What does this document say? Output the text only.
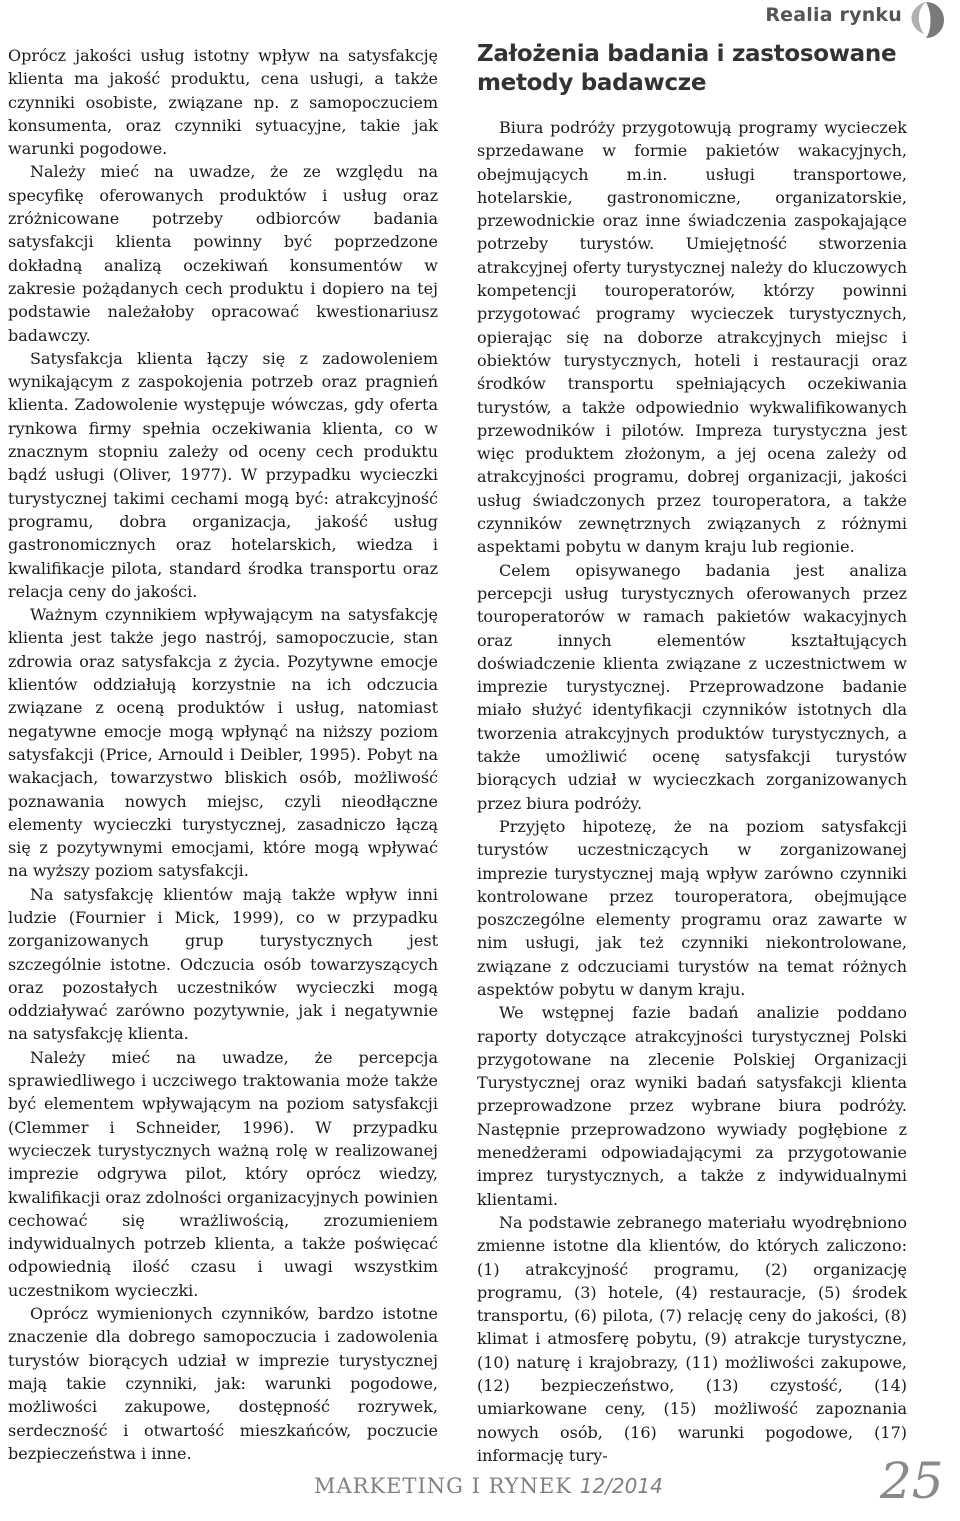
Realia rynku

Oprócz jakości usług istotny wpływ na satysfakcję klienta ma jakość produktu, cena usługi, a także czynniki osobiste, związane np. z samopoczuciem konsumenta, oraz czynniki sytuacyjne, takie jak warunki pogodowe.

Należy mieć na uwadze, że ze względu na specyfikę oferowanych produktów i usług oraz zróżnicowane potrzeby odbiorców badania satysfakcji klienta powinny być poprzedzone dokładną analizą oczekiwań konsumentów w zakresie pożądanych cech produktu i dopiero na tej podstawie należałoby opracować kwestionariusz badawczy.

Satysfakcja klienta łączy się z zadowoleniem wynikającym z zaspokojenia potrzeb oraz pragnień klienta. Zadowolenie występuje wówczas, gdy oferta rynkowa firmy spełnia oczekiwania klienta, co w znacznym stopniu zależy od oceny cech produktu bądź usługi (Oliver, 1977). W przypadku wycieczki turystycznej takimi cechami mogą być: atrakcyjność programu, dobra organizacja, jakość usług gastronomicznych oraz hotelarskich, wiedza i kwalifikacje pilota, standard środka transportu oraz relacja ceny do jakości.

Ważnym czynnikiem wpływającym na satysfakcję klienta jest także jego nastrój, samopoczucie, stan zdrowia oraz satysfakcja z życia. Pozytywne emocje klientów oddziałują korzystnie na ich odczucia związane z oceną produktów i usług, natomiast negatywne emocje mogą wpłynąć na niższy poziom satysfakcji (Price, Arnould i Deibler, 1995). Pobyt na wakacjach, towarzystwo bliskich osób, możliwość poznawania nowych miejsc, czyli nieodłączne elementy wycieczki turystycznej, zasadniczo łączą się z pozytywnymi emocjami, które mogą wpływać na wyższy poziom satysfakcji.

Na satysfakcję klientów mają także wpływ inni ludzie (Fournier i Mick, 1999), co w przypadku zorganizowanych grup turystycznych jest szczególnie istotne. Odczucia osób towarzyszących oraz pozostałych uczestników wycieczki mogą oddziaływać zarówno pozytywnie, jak i negatywnie na satysfakcję klienta.

Należy mieć na uwadze, że percepcja sprawiedliwego i uczciwego traktowania może także być elementem wpływającym na poziom satysfakcji (Clemmer i Schneider, 1996). W przypadku wycieczek turystycznych ważną rolę w realizowanej imprezie odgrywa pilot, który oprócz wiedzy, kwalifikacji oraz zdolności organizacyjnych powinien cechować się wrażliwością, zrozumieniem indywidualnych potrzeb klienta, a także poświęcać odpowiednią ilość czasu i uwagi wszystkim uczestnikom wycieczki.

Oprócz wymienionych czynników, bardzo istotne znaczenie dla dobrego samopoczucia i zadowolenia turystów biorących udział w imprezie turystycznej mają takie czynniki, jak: warunki pogodowe, możliwości zakupowe, dostępność rozrywek, serdeczność i otwartość mieszkańców, poczucie bezpieczeństwa i inne.

Założenia badania i zastosowane metody badawcze

Biura podróży przygotowują programy wycieczek sprzedawane w formie pakietów wakacyjnych, obejmujących m.in. usługi transportowe, hotelarskie, gastronomiczne, organizatorskie, przewodnickie oraz inne świadczenia zaspokajające potrzeby turystów. Umiejętność stworzenia atrakcyjnej oferty turystycznej należy do kluczowych kompetencji touroperatorów, którzy powinni przygotować programy wycieczek turystycznych, opierając się na doborze atrakcyjnych miejsc i obiektów turystycznych, hoteli i restauracji oraz środków transportu spełniających oczekiwania turystów, a także odpowiednio wykwalifikowanych przewodników i pilotów. Impreza turystyczna jest więc produktem złożonym, a jej ocena zależy od atrakcyjności programu, dobrej organizacji, jakości usług świadczonych przez touroperatora, a także czynników zewnętrznych związanych z różnymi aspektami pobytu w danym kraju lub regionie.

Celem opisywanego badania jest analiza percepcji usług turystycznych oferowanych przez touroperatorów w ramach pakietów wakacyjnych oraz innych elementów kształtujących doświadczenie klienta związane z uczestnictwem w imprezie turystycznej. Przeprowadzone badanie miało służyć identyfikacji czynników istotnych dla tworzenia atrakcyjnych produktów turystycznych, a także umożliwić ocenę satysfakcji turystów biorących udział w wycieczkach zorganizowanych przez biura podróży.

Przyjęto hipotezę, że na poziom satysfakcji turystów uczestniczących w zorganizowanej imprezie turystycznej mają wpływ zarówno czynniki kontrolowane przez touroperatora, obejmujące poszczególne elementy programu oraz zawarte w nim usługi, jak też czynniki niekontrolowane, związane z odczuciami turystów na temat różnych aspektów pobytu w danym kraju.

We wstępnej fazie badań analizie poddano raporty dotyczące atrakcyjności turystycznej Polski przygotowane na zlecenie Polskiej Organizacji Turystycznej oraz wyniki badań satysfakcji klienta przeprowadzone przez wybrane biura podróży. Następnie przeprowadzono wywiady pogłębione z menedżerami odpowiadającymi za przygotowanie imprez turystycznych, a także z indywidualnymi klientami.

Na podstawie zebranego materiału wyodrębniono zmienne istotne dla klientów, do których zaliczono: (1) atrakcyjność programu, (2) organizację programu, (3) hotele, (4) restauracje, (5) środek transportu, (6) pilota, (7) relację ceny do jakości, (8) klimat i atmosferę pobytu, (9) atrakcje turystyczne, (10) naturę i krajobrazy, (11) możliwości zakupowe, (12) bezpieczeństwo, (13) czystość, (14) umiarkowane ceny, (15) możliwość zapoznania nowych osób, (16) warunki pogodowe, (17) informację tury-

MARKETING I RYNEK 12/2014	25
